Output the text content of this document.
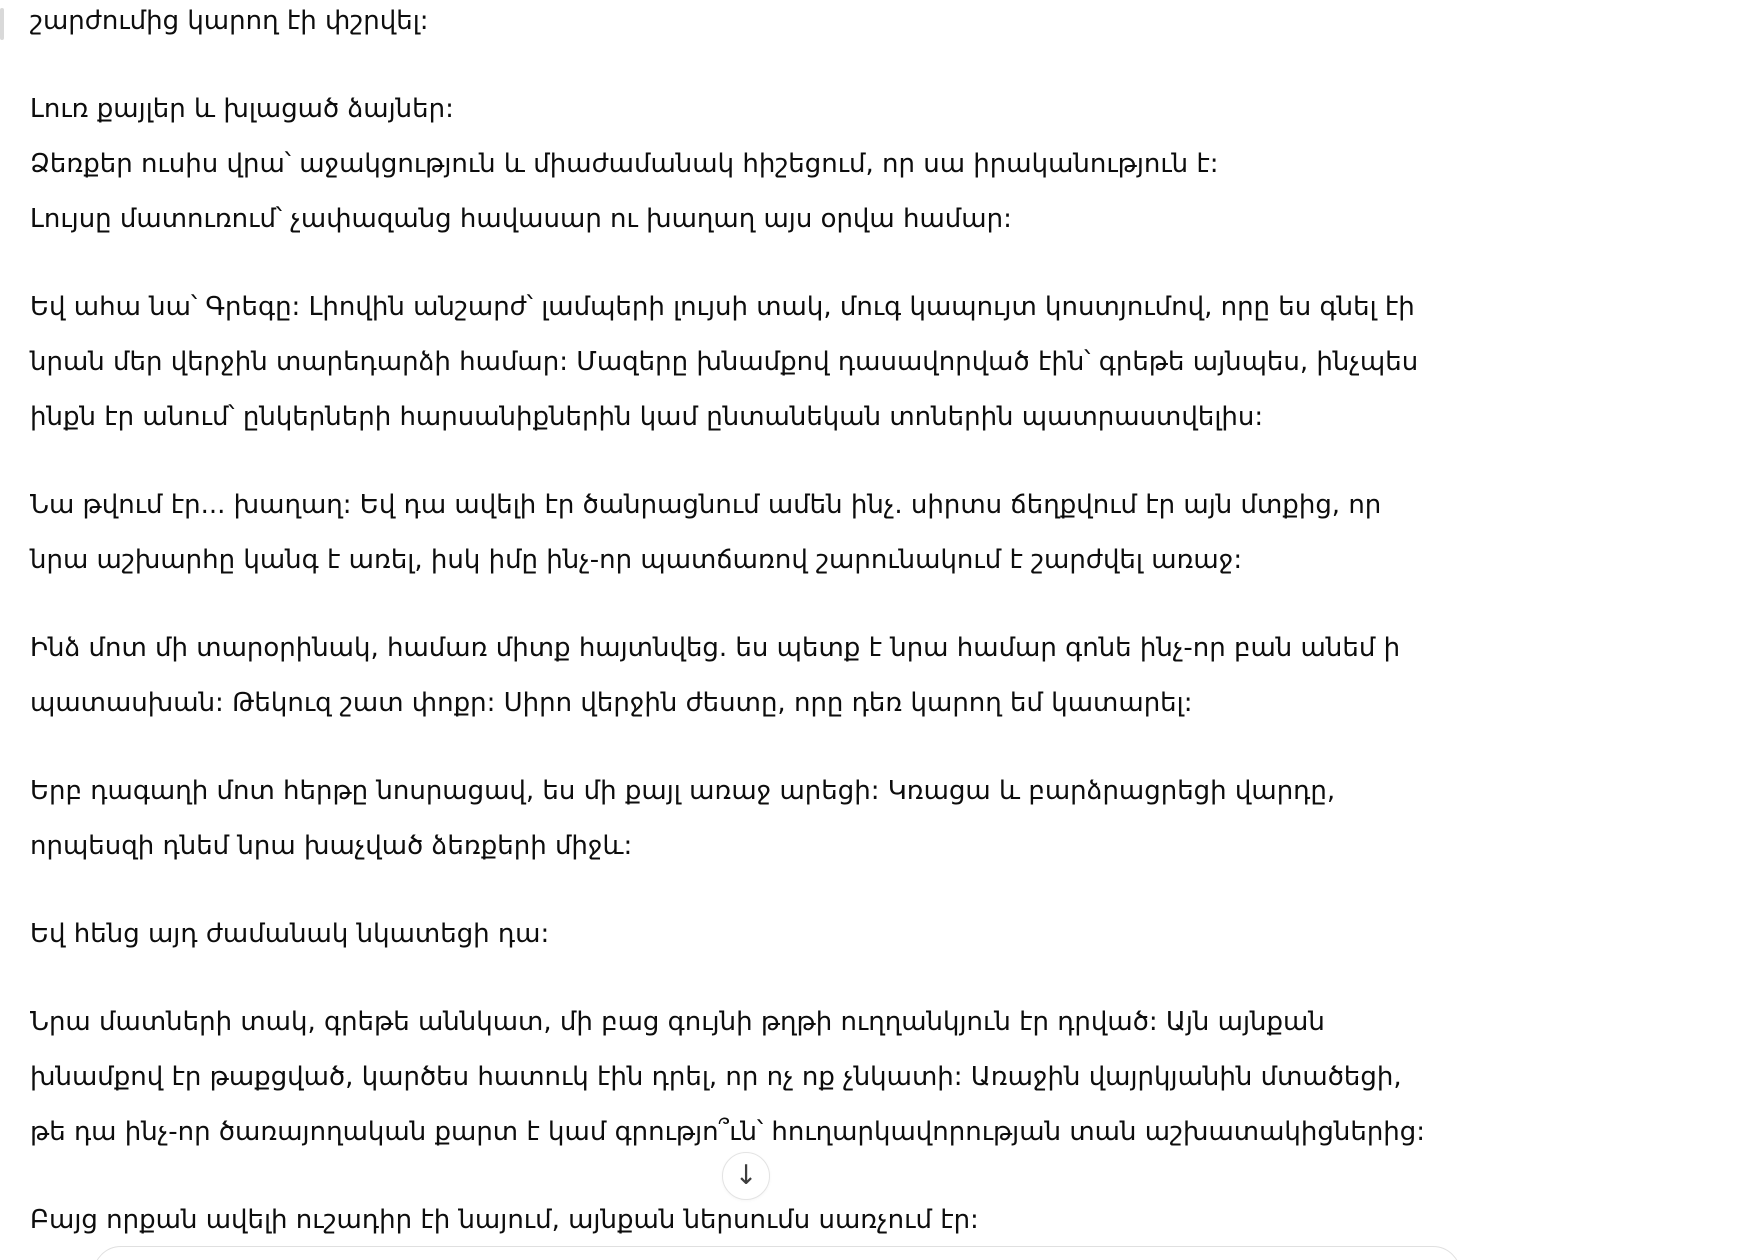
շարժումից կարող էի փշրվել:

Լուռ քայլեր և խլացած ձայներ:
Ձեռքեր ուսիս վրա՝ աջակցություն և միաժամանակ հիշեցում, որ սա իրականություն է:
Լույսը մատուռում՝ չափազանց հավասար ու խաղաղ այս օրվա համար:

Եվ ահա նա՝ Գրեգը: Լիովին անշարժ՝ լամպերի լույսի տակ, մուգ կապույտ կոստյումով, որը ես գնել էի
նրան մեր վերջին տարեդարձի համար: Մազերը խնամքով դասավորված էին՝ գրեթե այնպես, ինչպես
ինքն էր անում՝ ընկերների հարսանիքներին կամ ընտանեկան տոներին պատրաստվելիս:

Նա թվում էր... խաղաղ: Եվ դա ավելի էր ծանրացնում ամեն ինչ. սիրտս ճեղքվում էր այն մտքից, որ
նրա աշխարհը կանգ է առել, իսկ իմը ինչ-որ պատճառով շարունակում է շարժվել առաջ:

Ինձ մոտ մի տարօրինակ, համառ միտք հայտնվեց. ես պետք է նրա համար գոնե ինչ-որ բան անեմ ի
պատասխան: Թեկուզ շատ փոքր: Սիրո վերջին ժեստը, որը դեռ կարող եմ կատարել:

Երբ դագաղի մոտ հերթը նոսրացավ, ես մի քայլ առաջ արեցի: Կռացա և բարձրացրեցի վարդը,
որպեսզի դնեմ նրա խաչված ձեռքերի միջև:

Եվ հենց այդ ժամանակ նկատեցի դա:

Նրա մատների տակ, գրեթե աննկատ, մի բաց գույնի թղթի ուղղանկյուն էր դրված: Այն այնքան
խնամքով էր թաքցված, կարծես հատուկ էին դրել, որ ոչ ոք չնկատի: Առաջին վայրկյանին մտածեցի,
թե դա ինչ-որ ծառայողական քարտ է կամ գրությո՞ւն՝ հուղարկավորության տան աշխատակիցներից:

Բայց որքան ավելի ուշադիր էի նայում, այնքան ներսումս սառչում էր:

↓
